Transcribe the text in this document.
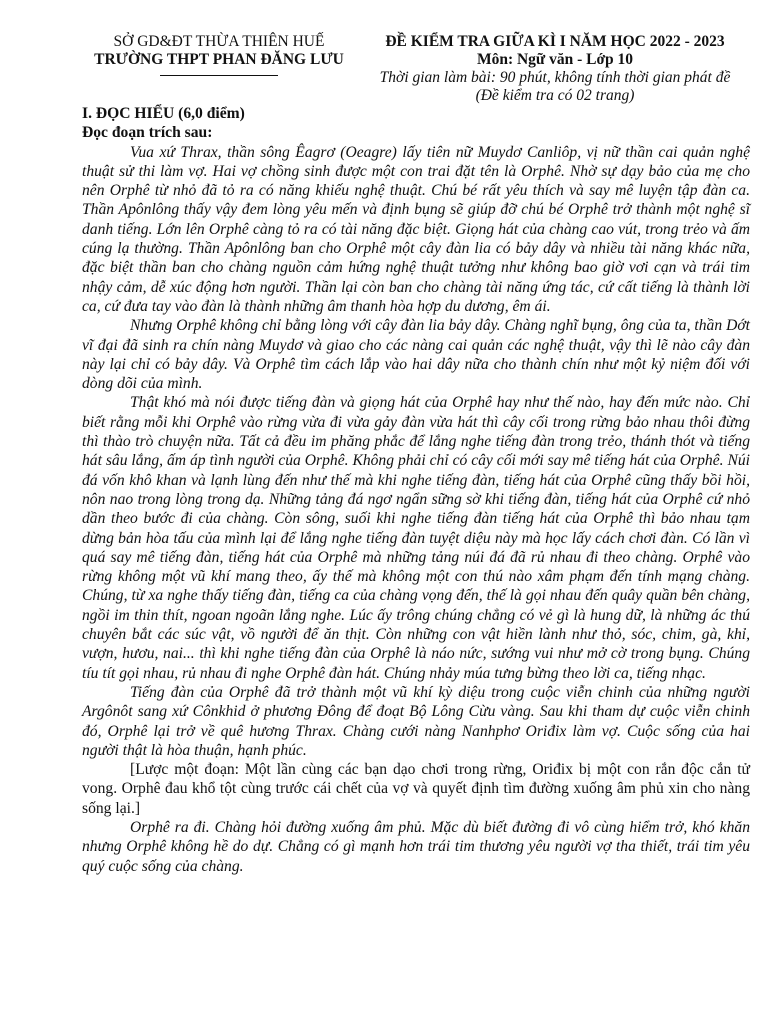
SỞ GD&ĐT THỪA THIÊN HUẾ
TRƯỜNG THPT PHAN ĐĂNG LƯU
ĐỀ KIỂM TRA GIỮA KÌ I NĂM HỌC 2022 - 2023
Môn: Ngữ văn - Lớp 10
Thời gian làm bài: 90 phút, không tính thời gian phát đề
(Đề kiểm tra có 02 trang)

I. ĐỌC HIỂU (6,0 điểm)

Đọc đoạn trích sau:

Vua xứ Thrax, thần sông Êagrơ (Oeagre) lấy tiên nữ Muydơ Canliôp, vị nữ thần cai quản nghệ thuật sử thi làm vợ. Hai vợ chồng sinh được một con trai đặt tên là Orphê. Nhờ sự dạy bảo của mẹ cho nên Orphê từ nhỏ đã tỏ ra có năng khiếu nghệ thuật. Chú bé rất yêu thích và say mê luyện tập đàn ca. Thần Apônlông thấy vậy đem lòng yêu mến và định bụng sẽ giúp đỡ chú bé Orphê trở thành một nghệ sĩ danh tiếng. Lớn lên Orphê càng tỏ ra có tài năng đặc biệt. Giọng hát của chàng cao vút, trong trẻo và ấm cúng lạ thường. Thần Apônlông ban cho Orphê một cây đàn lia có bảy dây và nhiều tài năng khác nữa, đặc biệt thần ban cho chàng nguồn cảm hứng nghệ thuật tưởng như không bao giờ vơi cạn và trái tim nhậy cảm, dễ xúc động hơn người. Thần lại còn ban cho chàng tài năng ứng tác, cứ cất tiếng là thành lời ca, cứ đưa tay vào đàn là thành những âm thanh hòa hợp du dương, êm ái.

Nhưng Orphê không chỉ bằng lòng với cây đàn lia bảy dây. Chàng nghĩ bụng, ông của ta, thần Dớt vĩ đại đã sinh ra chín nàng Muydơ và giao cho các nàng cai quản các nghệ thuật, vậy thì lẽ nào cây đàn này lại chỉ có bảy dây. Và Orphê tìm cách lắp vào hai dây nữa cho thành chín như một kỷ niệm đối với dòng dõi của mình.

Thật khó mà nói được tiếng đàn và giọng hát của Orphê hay như thế nào, hay đến mức nào. Chỉ biết rằng mỗi khi Orphê vào rừng vừa đi vừa gảy đàn vừa hát thì cây cối trong rừng bảo nhau thôi đừng thì thào trò chuyện nữa. Tất cả đều im phăng phắc để lắng nghe tiếng đàn trong trẻo, thánh thót và tiếng hát sâu lắng, ấm áp tình người của Orphê. Không phải chỉ có cây cối mới say mê tiếng hát của Orphê. Núi đá vốn khô khan và lạnh lùng đến như thế mà khi nghe tiếng đàn, tiếng hát của Orphê cũng thấy bồi hồi, nôn nao trong lòng trong dạ. Những tảng đá ngơ ngẩn sững sờ khi tiếng đàn, tiếng hát của Orphê cứ nhỏ dần theo bước đi của chàng. Còn sông, suối khi nghe tiếng đàn tiếng hát của Orphê thì bảo nhau tạm dừng bản hòa tấu của mình lại để lắng nghe tiếng đàn tuyệt diệu này mà học lấy cách chơi đàn. Có lần vì quá say mê tiếng đàn, tiếng hát của Orphê mà những tảng núi đá đã rủ nhau đi theo chàng. Orphê vào rừng không một vũ khí mang theo, ấy thế mà không một con thú nào xâm phạm đến tính mạng chàng. Chúng, từ xa nghe thấy tiếng đàn, tiếng ca của chàng vọng đến, thế là gọi nhau đến quây quần bên chàng, ngồi im thin thít, ngoan ngoãn lắng nghe. Lúc ấy trông chúng chẳng có vẻ gì là hung dữ, là những ác thú chuyên bắt các súc vật, vồ người để ăn thịt. Còn những con vật hiền lành như thỏ, sóc, chim, gà, khỉ, vượn, hươu, nai... thì khi nghe tiếng đàn của Orphê là náo nức, sướng vui như mở cờ trong bụng. Chúng tíu tít gọi nhau, rủ nhau đi nghe Orphê đàn hát. Chúng nhảy múa tưng bừng theo lời ca, tiếng nhạc.

Tiếng đàn của Orphê đã trở thành một vũ khí kỳ diệu trong cuộc viễn chinh của những người Argônôt sang xứ Cônkhid ở phương Đông để đoạt Bộ Lông Cừu vàng. Sau khi tham dự cuộc viễn chinh đó, Orphê lại trở về quê hương Thrax. Chàng cưới nàng Nanhphơ Oriđix làm vợ. Cuộc sống của hai người thật là hòa thuận, hạnh phúc.

[Lược một đoạn: Một lần cùng các bạn dạo chơi trong rừng, Oriđix bị một con rắn độc cắn tử vong. Orphê đau khổ tột cùng trước cái chết của vợ và quyết định tìm đường xuống âm phủ xin cho nàng sống lại.]

Orphê ra đi. Chàng hỏi đường xuống âm phủ. Mặc dù biết đường đi vô cùng hiểm trở, khó khăn nhưng Orphê không hề do dự. Chẳng có gì mạnh hơn trái tim thương yêu người vợ tha thiết, trái tim yêu quý cuộc sống của chàng.
